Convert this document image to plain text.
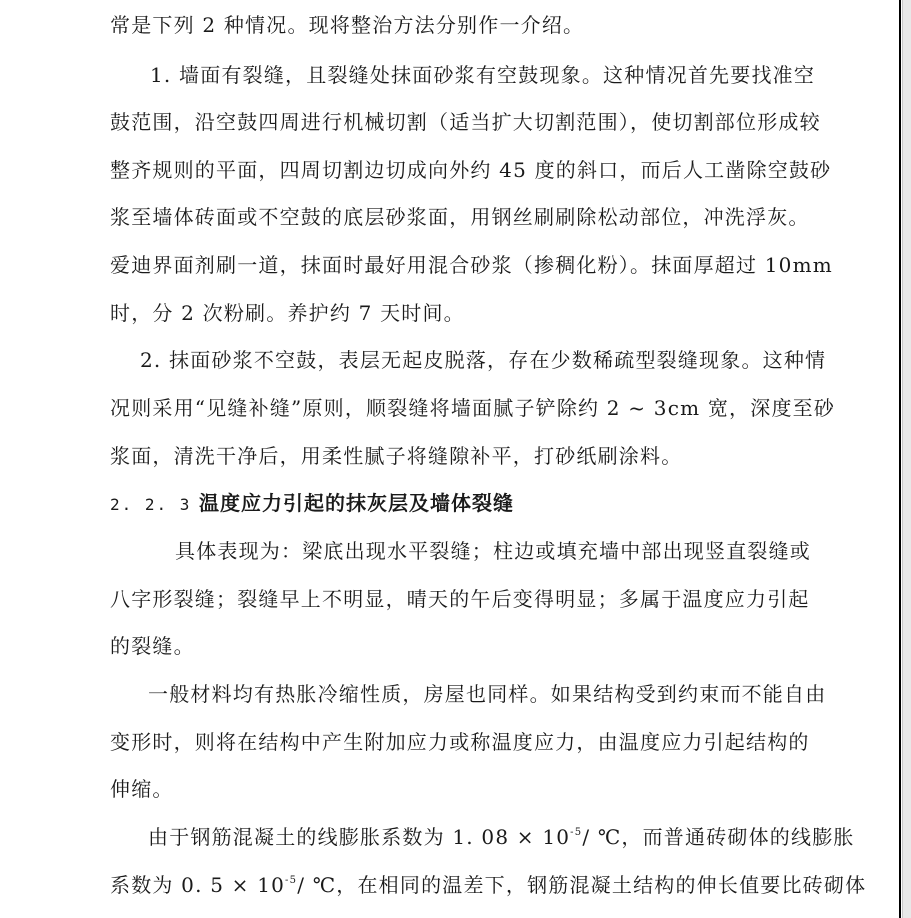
常是下列 2 种情况。现将整治方法分别作一介绍。
1. 墙面有裂缝，且裂缝处抹面砂浆有空鼓现象。这种情况首先要找准空
鼓范围，沿空鼓四周进行机械切割（适当扩大切割范围），使切割部位形成较
整齐规则的平面，四周切割边切成向外约 45 度的斜口，而后人工凿除空鼓砂
浆至墙体砖面或不空鼓的底层砂浆面，用钢丝刷刷除松动部位，冲洗浮灰。
爱迪界面剂刷一道，抹面时最好用混合砂浆（掺稠化粉）。抹面厚超过 10mm
时，分 2 次粉刷。养护约 7 天时间。
2. 抹面砂浆不空鼓，表层无起皮脱落，存在少数稀疏型裂缝现象。这种情
况则采用“见缝补缝”原则，顺裂缝将墙面腻子铲除约 2 ~ 3cm 宽，深度至砂
浆面，清洗干净后，用柔性腻子将缝隙补平，打砂纸刷涂料。
2. 2. 3 温度应力引起的抹灰层及墙体裂缝
具体表现为：梁底出现水平裂缝；柱边或填充墙中部出现竖直裂缝或
八字形裂缝；裂缝早上不明显，晴天的午后变得明显；多属于温度应力引起
的裂缝。
一般材料均有热胀冷缩性质，房屋也同样。如果结构受到约束而不能自由
变形时，则将在结构中产生附加应力或称温度应力，由温度应力引起结构的
伸缩。
由于钢筋混凝土的线膨胀系数为 1. $08 \times 10^{-5}/$ ℃，而普通砖砌体的线膨胀
系数为 0. $5 \times 10^{-5}/$ ℃，在相同的温差下，钢筋混凝土结构的伸长值要比砖砌体
